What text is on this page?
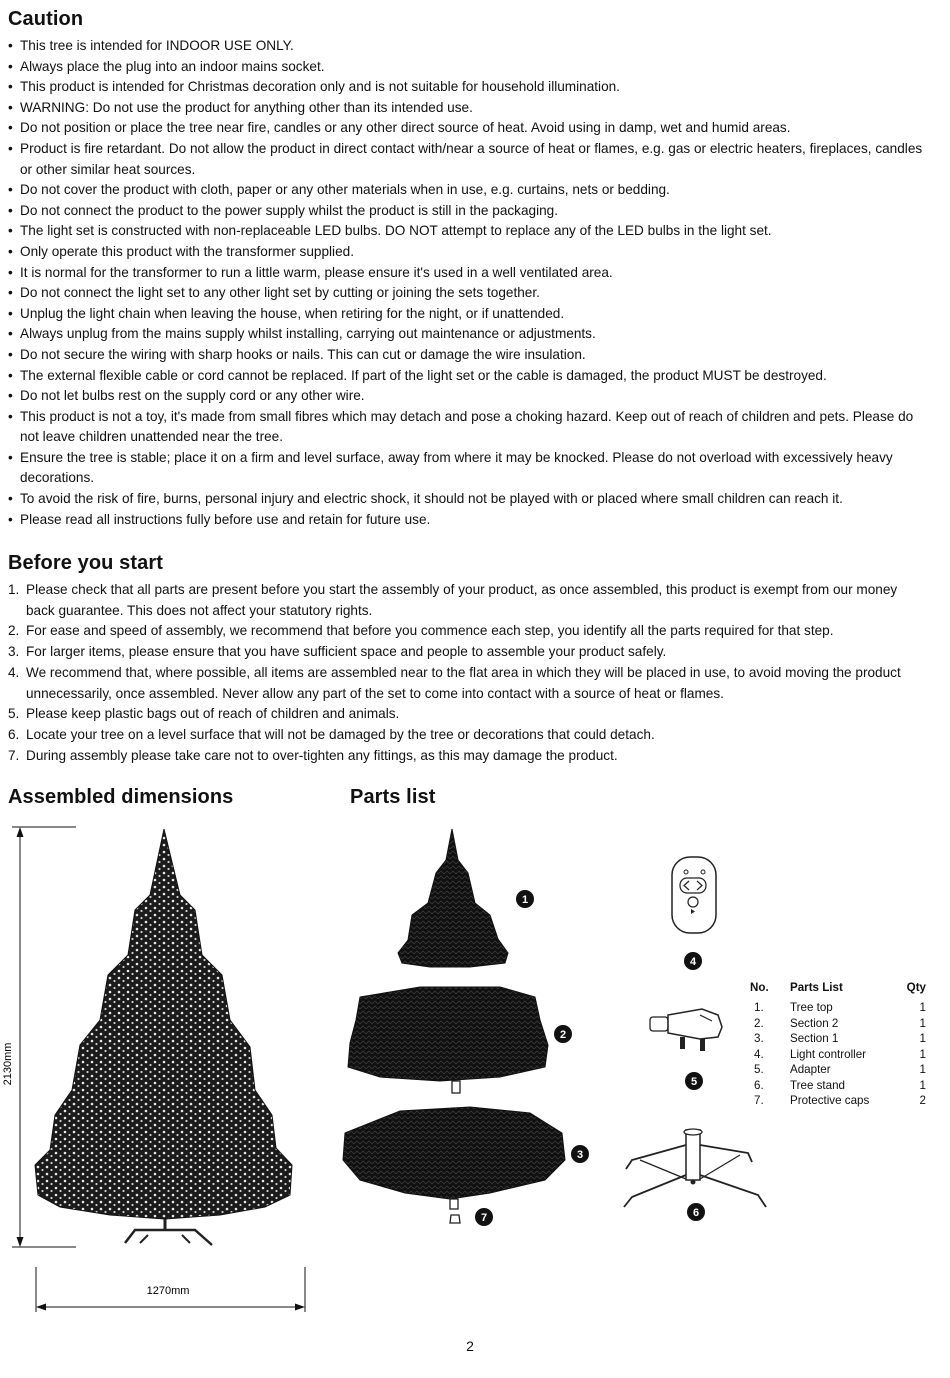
Caution
• This tree is intended for INDOOR USE ONLY.
• Always place the plug into an indoor mains socket.
• This product is intended for Christmas decoration only and is not suitable for household illumination.
• WARNING: Do not use the product for anything other than its intended use.
• Do not position or place the tree near fire, candles or any other direct source of heat. Avoid using in damp, wet and humid areas.
• Product is fire retardant. Do not allow the product in direct contact with/near a source of heat or flames, e.g. gas or electric heaters, fireplaces, candles or other similar heat sources.
• Do not cover the product with cloth, paper or any other materials when in use, e.g. curtains, nets or bedding.
• Do not connect the product to the power supply whilst the product is still in the packaging.
• The light set is constructed with non-replaceable LED bulbs. DO NOT attempt to replace any of the LED bulbs in the light set.
• Only operate this product with the transformer supplied.
• It is normal for the transformer to run a little warm, please ensure it's used in a well ventilated area.
• Do not connect the light set to any other light set by cutting or joining the sets together.
• Unplug the light chain when leaving the house, when retiring for the night, or if unattended.
• Always unplug from the mains supply whilst installing, carrying out maintenance or adjustments.
• Do not secure the wiring with sharp hooks or nails. This can cut or damage the wire insulation.
• The external flexible cable or cord cannot be replaced. If part of the light set or the cable is damaged, the product MUST be destroyed.
• Do not let bulbs rest on the supply cord or any other wire.
• This product is not a toy, it's made from small fibres which may detach and pose a choking hazard. Keep out of reach of children and pets. Please do not leave children unattended near the tree.
• Ensure the tree is stable; place it on a firm and level surface, away from where it may be knocked. Please do not overload with excessively heavy decorations.
• To avoid the risk of fire, burns, personal injury and electric shock, it should not be played with or placed where small children can reach it.
• Please read all instructions fully before use and retain for future use.
Before you start
1. Please check that all parts are present before you start the assembly of your product, as once assembled, this product is exempt from our money back guarantee. This does not affect your statutory rights.
2. For ease and speed of assembly, we recommend that before you commence each step, you identify all the parts required for that step.
3. For larger items, please ensure that you have sufficient space and people to assemble your product safely.
4. We recommend that, where possible, all items are assembled near to the flat area in which they will be placed in use, to avoid moving the product unnecessarily, once assembled. Never allow any part of the set to come into contact with a source of heat or flames.
5. Please keep plastic bags out of reach of children and animals.
6. Locate your tree on a level surface that will not be damaged by the tree or decorations that could detach.
7. During assembly please take care not to over-tighten any fittings, as this may damage the product.
Assembled dimensions	Parts list
2130mm
1270mm
1
2
3
4
5
6
7
No.	Parts List	Qty
1.	Tree top	1
2.	Section 2	1
3.	Section 1	1
4.	Light controller	1
5.	Adapter	1
6.	Tree stand	1
7.	Protective caps	2
2
